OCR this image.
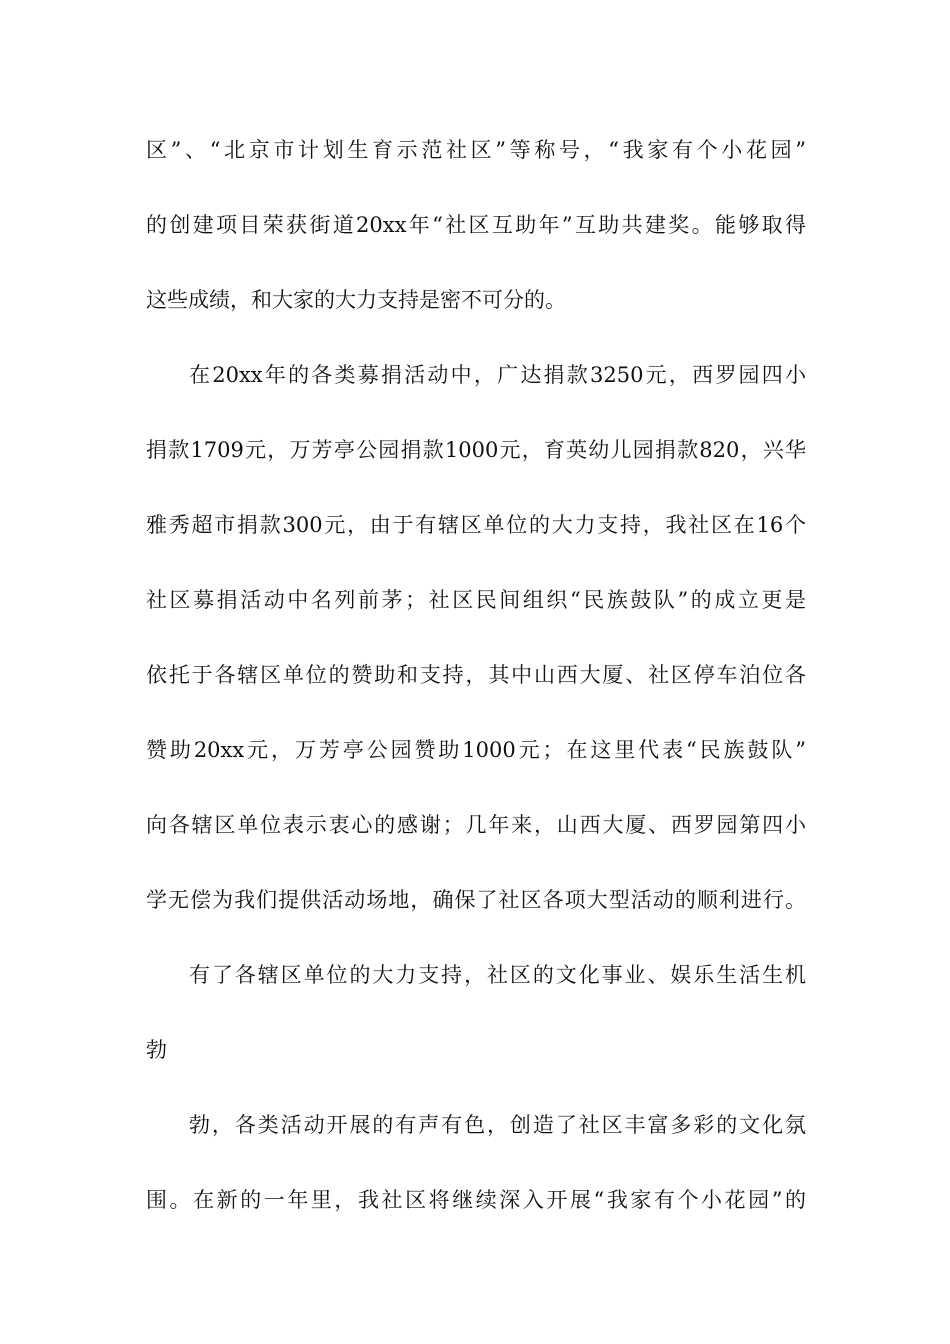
区”、“北京市计划生育示范社区”等称号，“我家有个小花园”
的创建项目荣获街道20xx年“社区互助年”互助共建奖。能够取得
这些成绩，和大家的大力支持是密不可分的。
在20xx年的各类募捐活动中，广达捐款3250元，西罗园四小
捐款1709元，万芳亭公园捐款1000元，育英幼儿园捐款820，兴华
雅秀超市捐款300元，由于有辖区单位的大力支持，我社区在16个
社区募捐活动中名列前茅；社区民间组织“民族鼓队”的成立更是
依托于各辖区单位的赞助和支持，其中山西大厦、社区停车泊位各
赞助20xx元，万芳亭公园赞助1000元；在这里代表“民族鼓队”
向各辖区单位表示衷心的感谢；几年来，山西大厦、西罗园第四小
学无偿为我们提供活动场地，确保了社区各项大型活动的顺利进行。
有了各辖区单位的大力支持，社区的文化事业、娱乐生活生机
勃
勃，各类活动开展的有声有色，创造了社区丰富多彩的文化氛
围。在新的一年里，我社区将继续深入开展“我家有个小花园”的
